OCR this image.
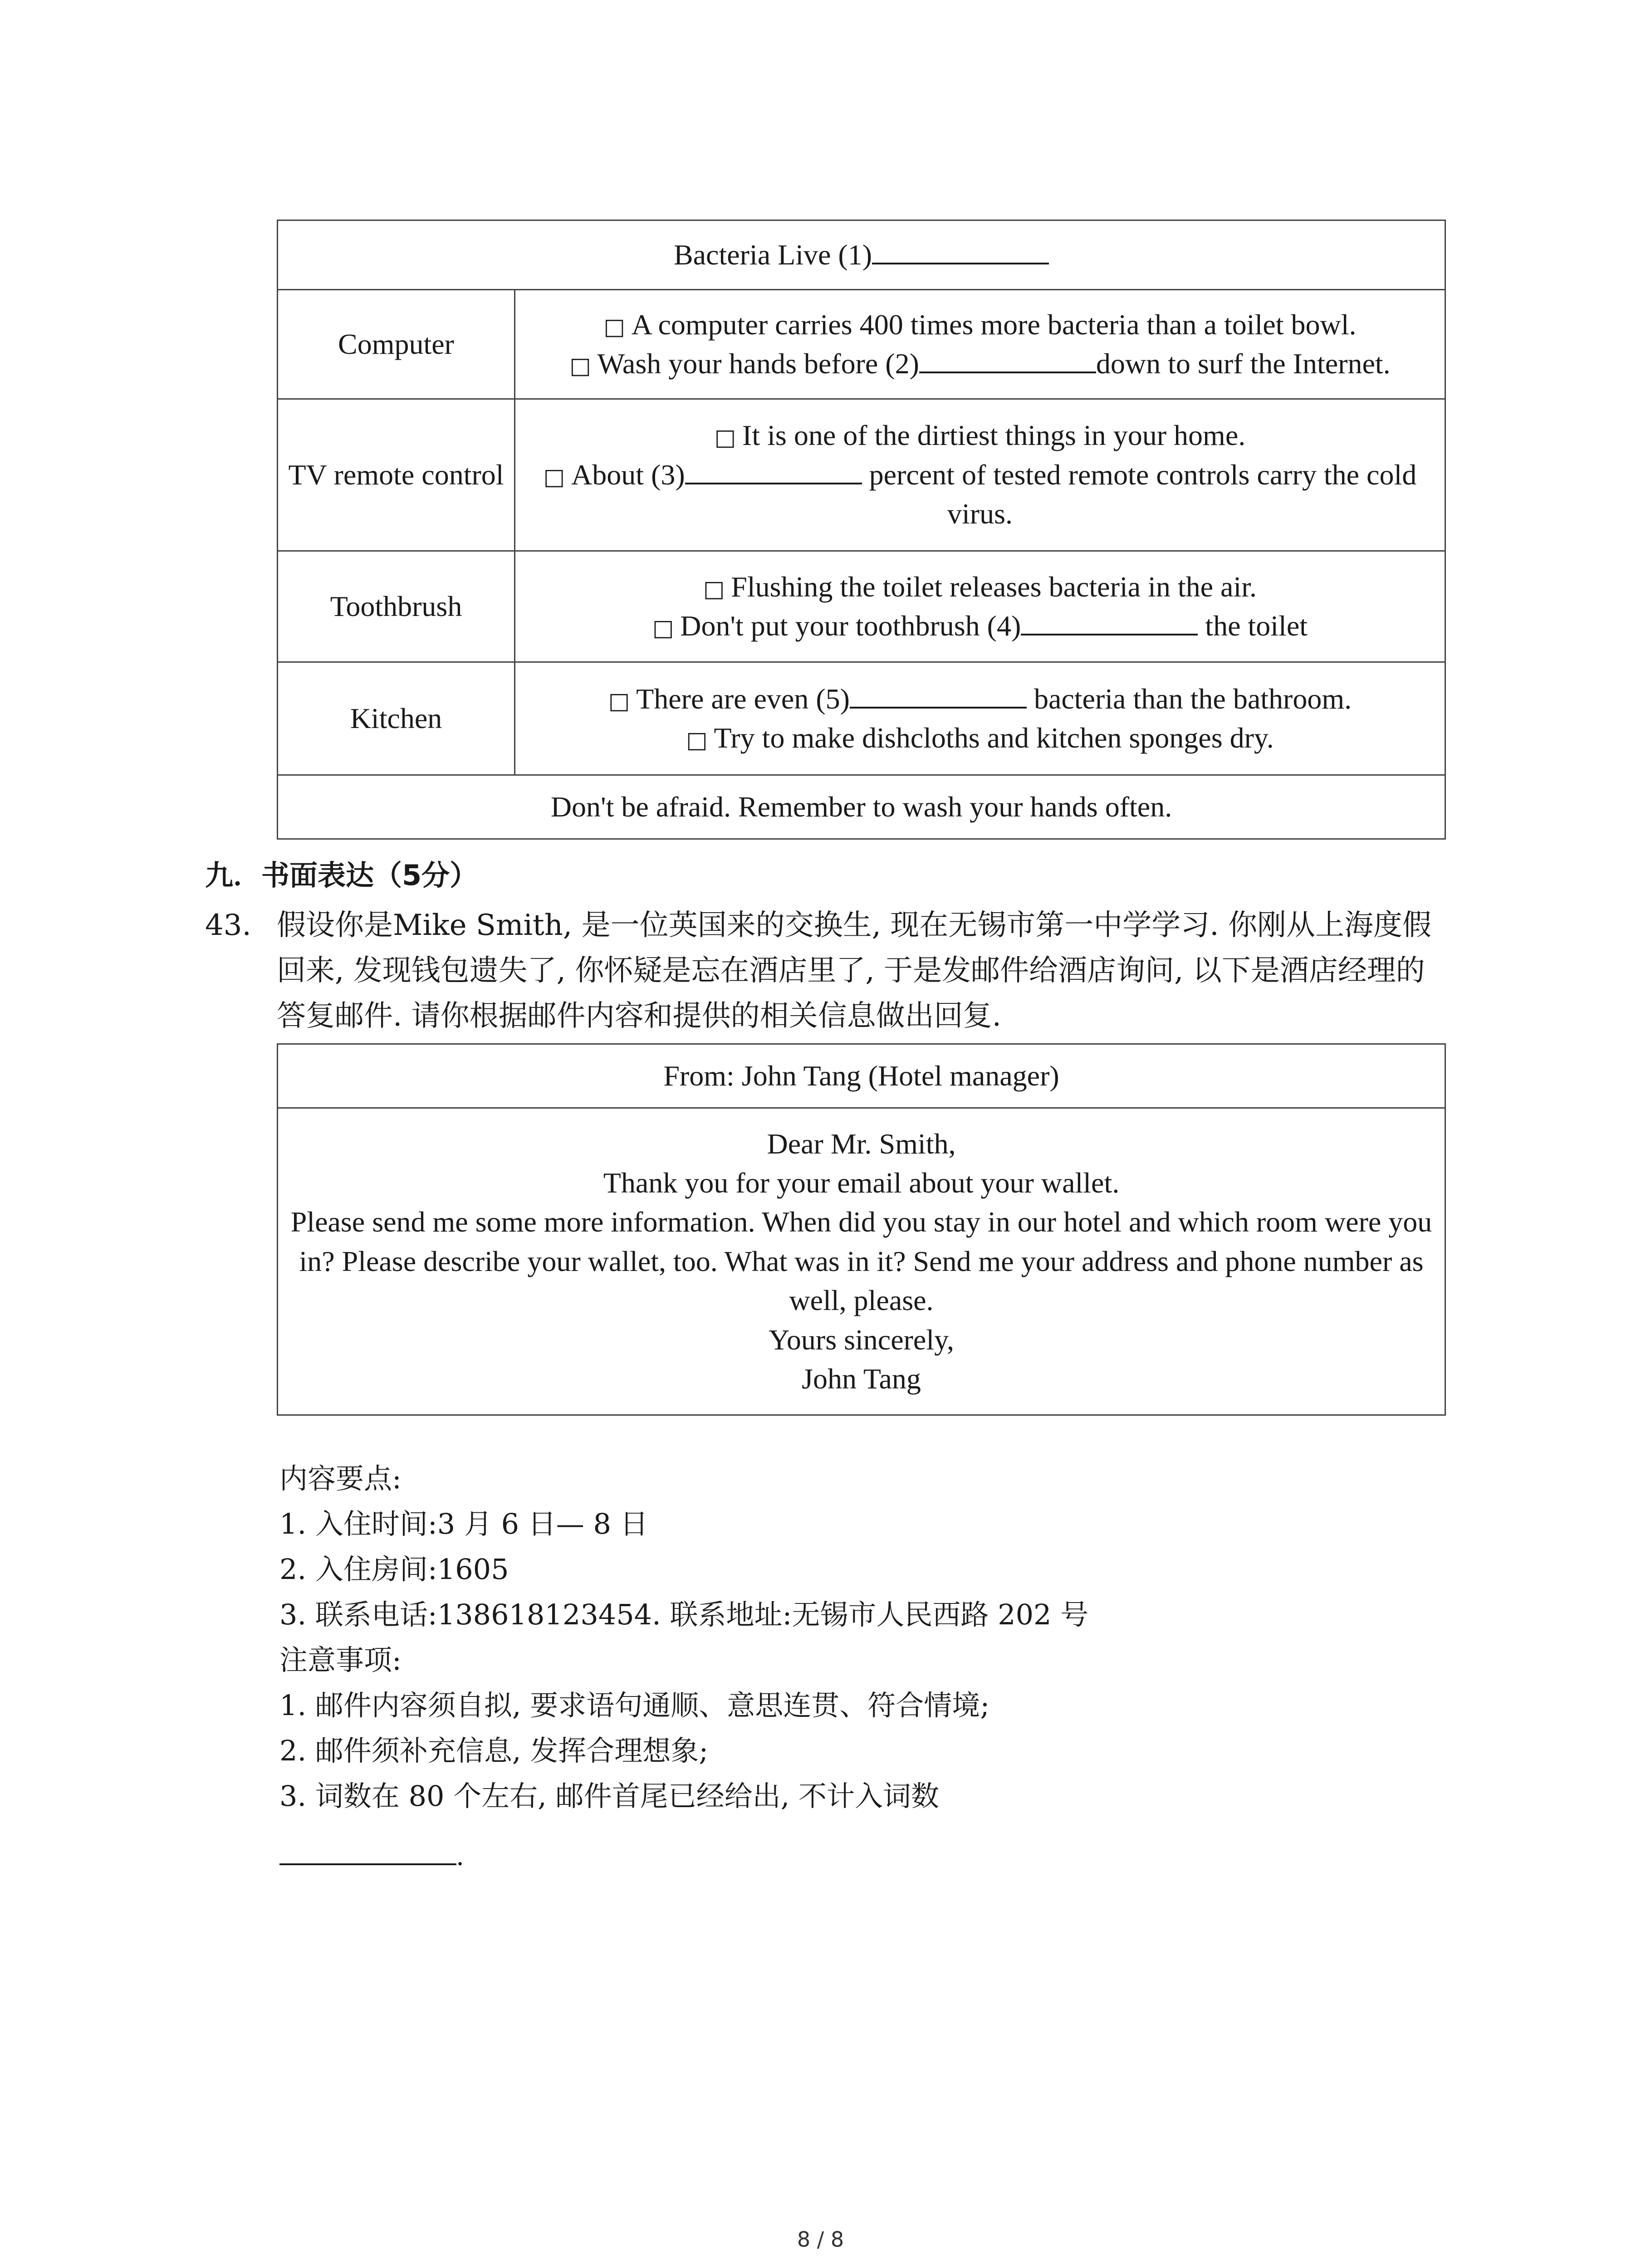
Bacteria Live (1)	
Computer	□ A computer carries 400 times more bacteria than a toilet bowl.
□ Wash your hands before (2) down to surf the Internet.

TV remote control	□ It is one of the dirtiest things in your home.
□ About (3) percent of tested remote controls carry the cold virus.

Toothbrush	□ Flushing the toilet releases bacteria in the air.
□ Don't put your toothbrush (4) the toilet

Kitchen	□ There are even (5) bacteria than the bathroom.
□ Try to make dishcloths and kitchen sponges dry.

Don't be afraid. Remember to wash your hands often.	
九．书面表达（5分）
43. 假设你是Mike Smith, 是一位英国来的交换生, 现在无锡市第一中学学习. 你刚从上海度假回来, 发现钱包遗失了, 你怀疑是忘在酒店里了, 于是发邮件给酒店询问, 以下是酒店经理的答复邮件. 请你根据邮件内容和提供的相关信息做出回复.
From: John Tang (Hotel manager)

Dear Mr. Smith,
Thank you for your email about your wallet.
Please send me some more information. When did you stay in our hotel and which room were you in? Please describe your wallet, too. What was in it? Send me your address and phone number as well, please.
Yours sincerely,
John Tang
内容要点:
1. 入住时间:3 月 6 日— 8 日
2. 入住房间:1605
3. 联系电话:138618123454. 联系地址:无锡市人民西路 202 号
注意事项:
1. 邮件内容须自拟, 要求语句通顺、意思连贯、符合情境;
2. 邮件须补充信息, 发挥合理想象;
3. 词数在 80 个左右, 邮件首尾已经给出, 不计入词数
.
8 / 8
